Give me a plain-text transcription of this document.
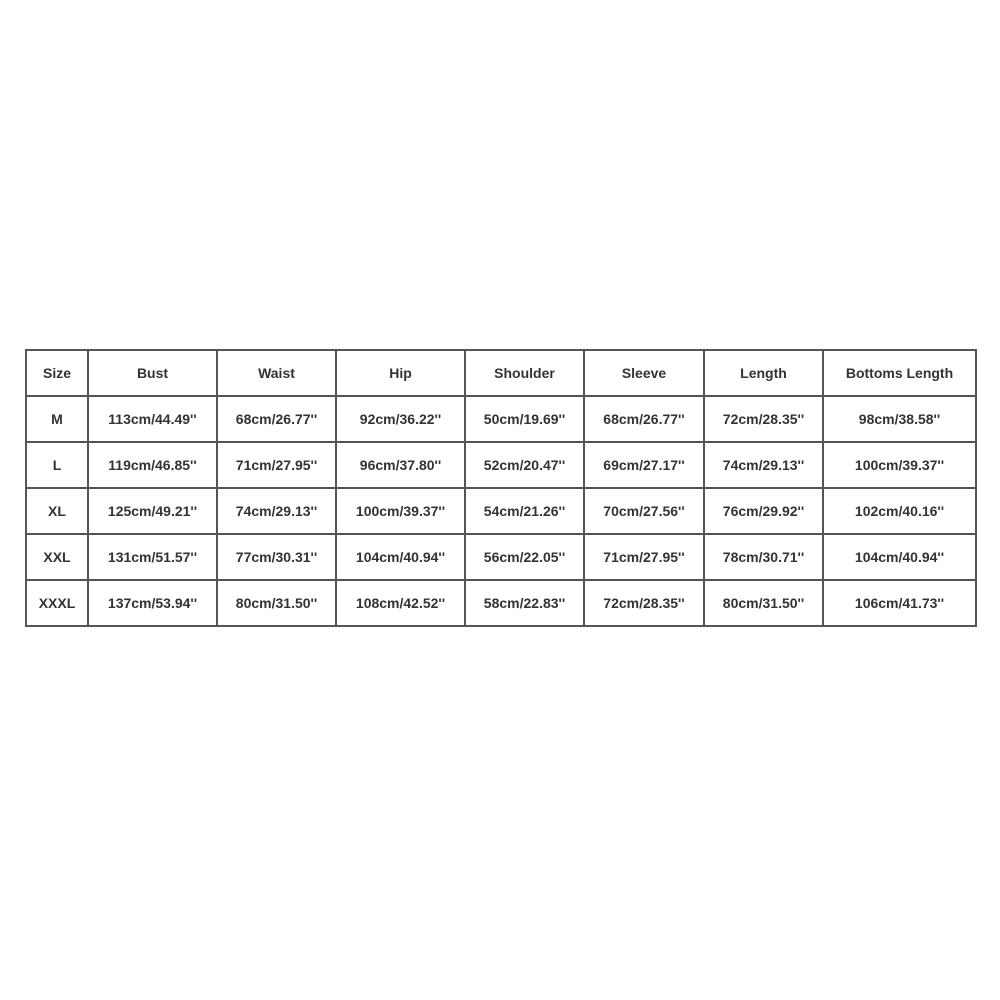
Size	Bust	Waist	Hip	Shoulder	Sleeve	Length	Bottoms Length
M	113cm/44.49''	68cm/26.77''	92cm/36.22''	50cm/19.69''	68cm/26.77''	72cm/28.35''	98cm/38.58''
L	119cm/46.85''	71cm/27.95''	96cm/37.80''	52cm/20.47''	69cm/27.17''	74cm/29.13''	100cm/39.37''
XL	125cm/49.21''	74cm/29.13''	100cm/39.37''	54cm/21.26''	70cm/27.56''	76cm/29.92''	102cm/40.16''
XXL	131cm/51.57''	77cm/30.31''	104cm/40.94''	56cm/22.05''	71cm/27.95''	78cm/30.71''	104cm/40.94''
XXXL	137cm/53.94''	80cm/31.50''	108cm/42.52''	58cm/22.83''	72cm/28.35''	80cm/31.50''	106cm/41.73''
